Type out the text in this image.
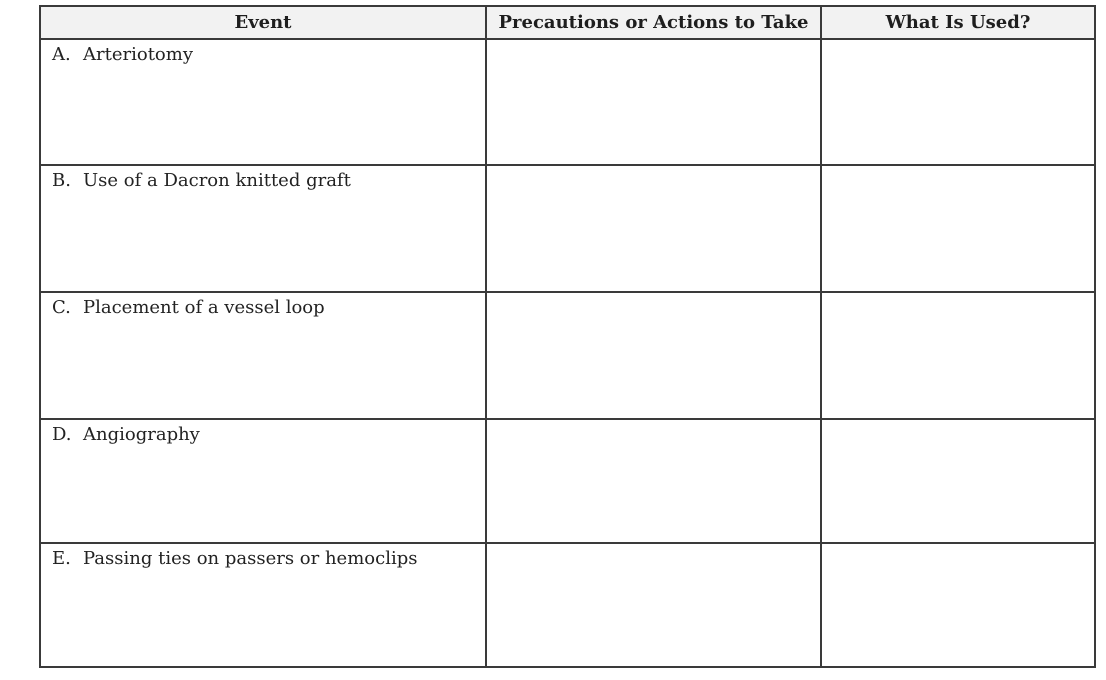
Event	Precautions or Actions to Take	What Is Used?
A. Arteriotomy		
B. Use of a Dacron knitted graft		
C. Placement of a vessel loop		
D. Angiography		
E. Passing ties on passers or hemoclips		
